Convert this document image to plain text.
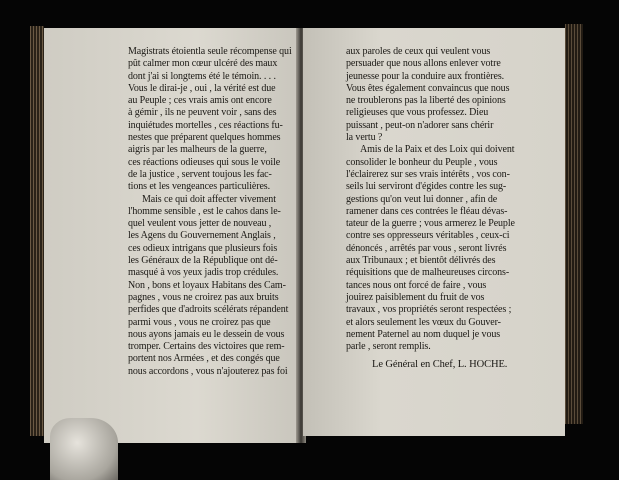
Magistrats étoientla seule récompense qui
pût calmer mon cœur ulcéré des maux
dont j'ai si longtems été le témoin. . . .
Vous le dirai-je , oui , la vérité est due
au Peuple ; ces vrais amis ont encore
à gémir , ils ne peuvent voir , sans des
inquiétudes mortelles , ces réactions fu-
nestes que préparent quelques hommes
aigris par les malheurs de la guerre,
ces réactions odieuses qui sous le voile
de la justice , servent toujous les fac-
tions et les vengeances particulières.
Mais ce qui doit affecter vivement
l'homme sensible , est le cahos dans le-
quel veulent vous jetter de nouveau ,
les Agens du Gouvernement Anglais ,
ces odieux intrigans que plusieurs fois
les Généraux de la République ont dé-
masqué à vos yeux jadis trop crédules.
Non , bons et loyaux Habitans des Cam-
pagnes , vous ne croirez pas aux bruits
perfides que d'adroits scélérats répandent
parmi vous , vous ne croirez pas que
nous ayons jamais eu le dessein de vous
tromper. Certains des victoires que rem-
portent nos Armées , et des congés que
nous accordons , vous n'ajouterez pas foi
aux paroles de ceux qui veulent vous
persuader que nous allons enlever votre
jeunesse pour la conduire aux frontières.
Vous êtes également convaincus que nous
ne troublerons pas la liberté des opinions
religieuses que vous professez. Dieu
puissant , peut-on n'adorer sans chérir
la vertu ?
Amis de la Paix et des Loix qui doivent
consolider le bonheur du Peuple , vous
l'éclairerez sur ses vrais intérêts , vos con-
seils lui serviront d'égides contre les sug-
gestions qu'on veut lui donner , afin de
ramener dans ces contrées le fléau dévas-
tateur de la guerre ; vous armerez le Peuple
contre ses oppresseurs véritables , ceux-ci
dénoncés , arrêtés par vous , seront livrés
aux Tribunaux ; et bientôt délivrés des
réquisitions que de malheureuses circons-
tances nous ont forcé de faire , vous
jouirez paisiblement du fruit de vos
travaux , vos propriétés seront respectées ;
et alors seulement les vœux du Gouver-
nement Paternel au nom duquel je vous
parle , seront remplis.
Le Général en Chef, L. HOCHE.
